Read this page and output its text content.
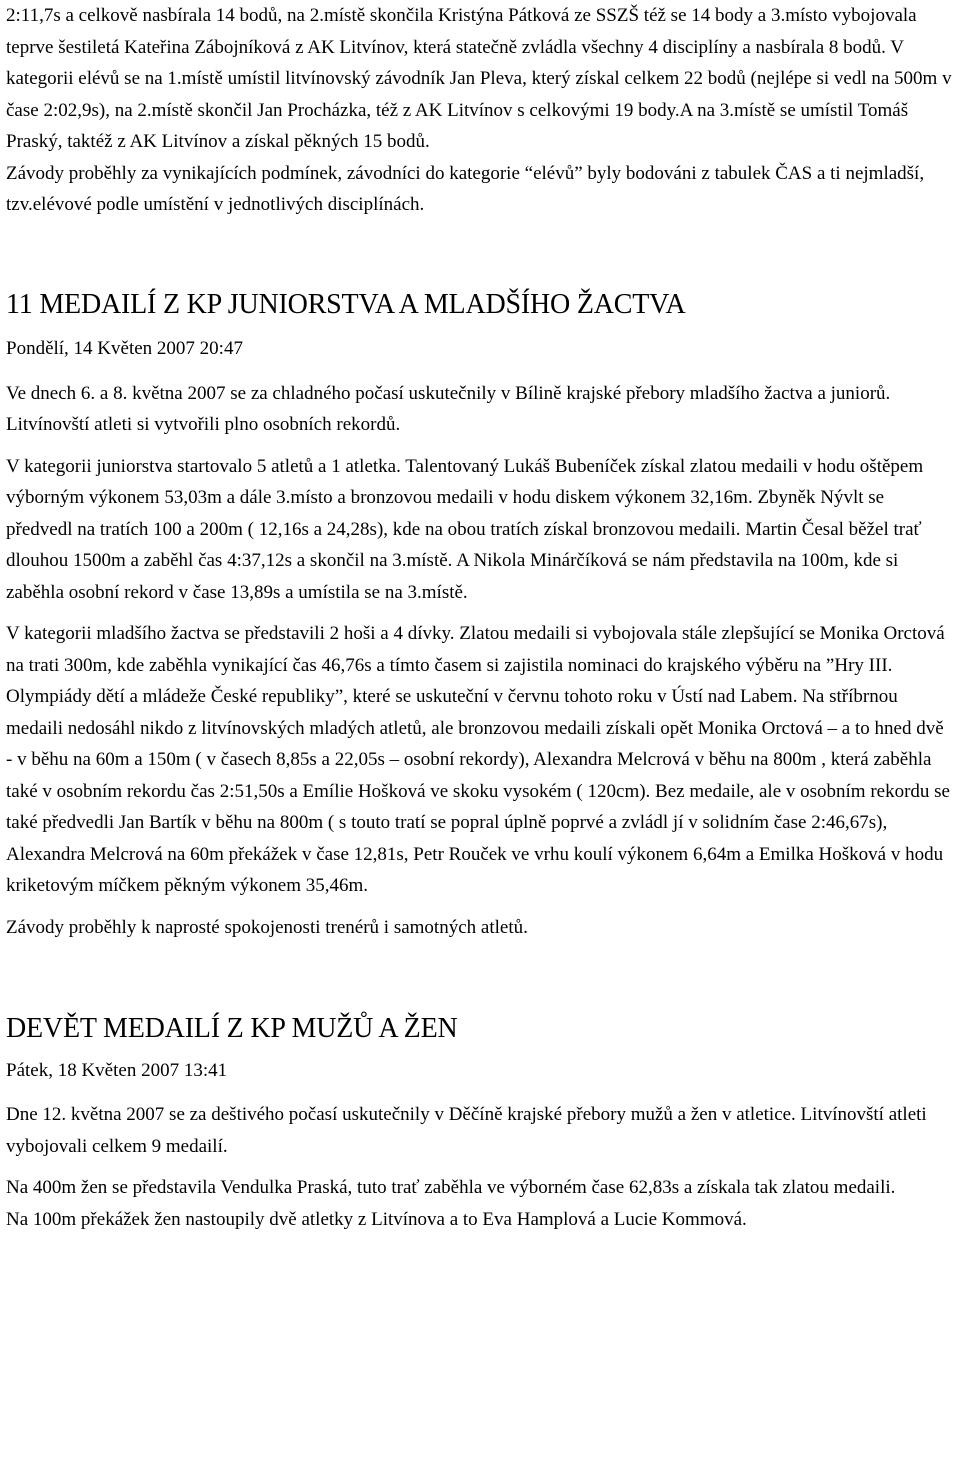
2:11,7s a celkově nasbírala 14 bodů, na 2.místě skončila Kristýna Pátková ze SSZŠ též se 14 body a 3.místo vybojovala teprve šestiletá Kateřina Zábojníková z AK Litvínov, která statečně zvládla všechny 4 disciplíny a nasbírala 8 bodů. V kategorii elévů se na 1.místě umístil litvínovský závodník Jan Pleva, který získal celkem 22 bodů (nejlépe si vedl na 500m v čase 2:02,9s), na 2.místě skončil Jan Procházka, též z AK Litvínov s celkovými 19 body.A na 3.místě se umístil Tomáš Praský, taktéž z AK Litvínov a získal pěkných 15 bodů.

Závody proběhly za vynikajících podmínek, závodníci do kategorie “elévů” byly bodováni z tabulek ČAS a ti nejmladší, tzv.elévové podle umístění v jednotlivých disciplínách.

11 MEDAILÍ Z KP JUNIORSTVA A MLADŠÍHO ŽACTVA

Pondělí, 14 Květen 2007 20:47

Ve dnech 6. a 8. května 2007 se za chladného počasí uskutečnily v Bílině krajské přebory mladšího žactva a juniorů. Litvínovští atleti si vytvořili plno osobních rekordů.

V kategorii juniorstva startovalo 5 atletů a 1 atletka. Talentovaný Lukáš Bubeníček získal zlatou medaili v hodu oštěpem výborným výkonem 53,03m a dále 3.místo a bronzovou medaili v hodu diskem výkonem 32,16m. Zbyněk Nývlt se předvedl na tratích 100 a 200m ( 12,16s a 24,28s), kde na obou tratích získal bronzovou medaili. Martin Česal běžel trať dlouhou 1500m a zaběhl čas 4:37,12s a skončil na 3.místě. A Nikola Minárčíková se nám představila na 100m, kde si zaběhla osobní rekord v čase 13,89s a umístila se na 3.místě.

V kategorii mladšího žactva se představili 2 hoši a 4 dívky. Zlatou medaili si vybojovala stále zlepšující se Monika Orctová na trati 300m, kde zaběhla vynikající čas 46,76s a tímto časem si zajistila nominaci do krajského výběru na ”Hry III. Olympiády dětí a mládeže České republiky”, které se uskuteční v červnu tohoto roku v Ústí nad Labem. Na stříbrnou medaili nedosáhl nikdo z litvínovských mladých atletů, ale bronzovou medaili získali opět Monika Orctová – a to hned dvě - v běhu na 60m a 150m ( v časech 8,85s a 22,05s – osobní rekordy), Alexandra Melcrová v běhu na 800m , která zaběhla také v osobním rekordu čas 2:51,50s a Emílie Hošková ve skoku vysokém ( 120cm). Bez medaile, ale v osobním rekordu se také předvedli Jan Bartík v běhu na 800m ( s touto tratí se popral úplně poprvé a zvládl jí v solidním čase 2:46,67s), Alexandra Melcrová na 60m překážek v čase 12,81s, Petr Rouček ve vrhu koulí výkonem 6,64m a Emilka Hošková v hodu kriketovým míčkem pěkným výkonem 35,46m.

Závody proběhly k naprosté spokojenosti trenérů i samotných atletů.

DEVĚT MEDAILÍ Z KP MUŽŮ A ŽEN

Pátek, 18 Květen 2007 13:41

Dne 12. května 2007 se za deštivého počasí uskutečnily v Děčíně krajské přebory mužů a žen v atletice. Litvínovští atleti vybojovali celkem 9 medailí.

Na 400m žen se představila Vendulka Praská, tuto trať zaběhla ve výborném čase 62,83s a získala tak zlatou medaili.

Na 100m překážek žen nastoupily dvě atletky z Litvínova a to Eva Hamplová a Lucie Kommová.
